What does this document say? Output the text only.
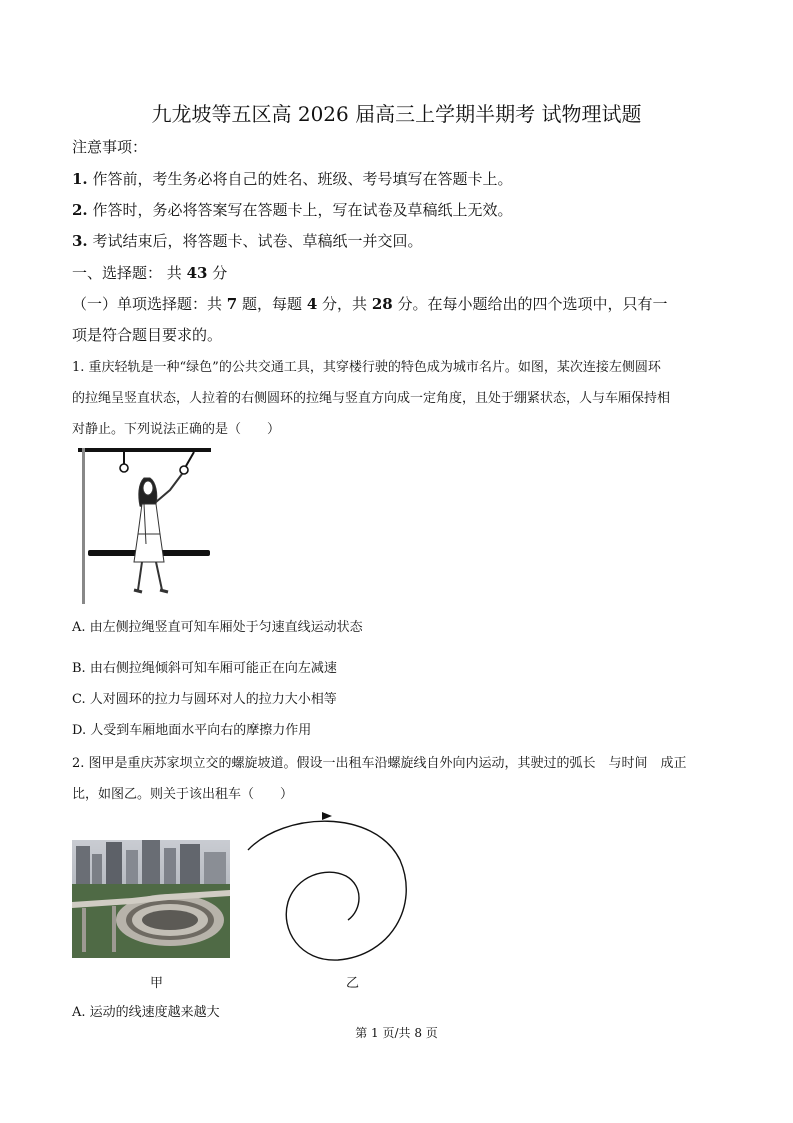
九龙坡等五区高 2026 届高三上学期半期考 试物理试题
注意事项：
1. 作答前，考生务必将自己的姓名、班级、考号填写在答题卡上。
2. 作答时，务必将答案写在答题卡上，写在试卷及草稿纸上无效。
3. 考试结束后，将答题卡、试卷、草稿纸一并交回。
一、选择题： 共 43 分
（一）单项选择题：共 7 题，每题 4 分，共 28 分。在每小题给出的四个选项中，只有一
项是符合题目要求的。
1. 重庆轻轨是一种“绿色”的公共交通工具，其穿楼行驶的特色成为城市名片。如图，某次连接左侧圆环
的拉绳呈竖直状态，人拉着的右侧圆环的拉绳与竖直方向成一定角度，且处于绷紧状态，人与车厢保持相
对静止。下列说法正确的是（　　）
A. 由左侧拉绳竖直可知车厢处于匀速直线运动状态
B. 由右侧拉绳倾斜可知车厢可能正在向左减速
C. 人对圆环的拉力与圆环对人的拉力大小相等
D. 人受到车厢地面水平向右的摩擦力作用
2. 图甲是重庆苏家坝立交的螺旋坡道。假设一出租车沿螺旋线自外向内运动，其驶过的弧长　与时间　成正
比，如图乙。则关于该出租车（　　）
甲	乙
A. 运动的线速度越来越大
第 1 页/共 8 页
